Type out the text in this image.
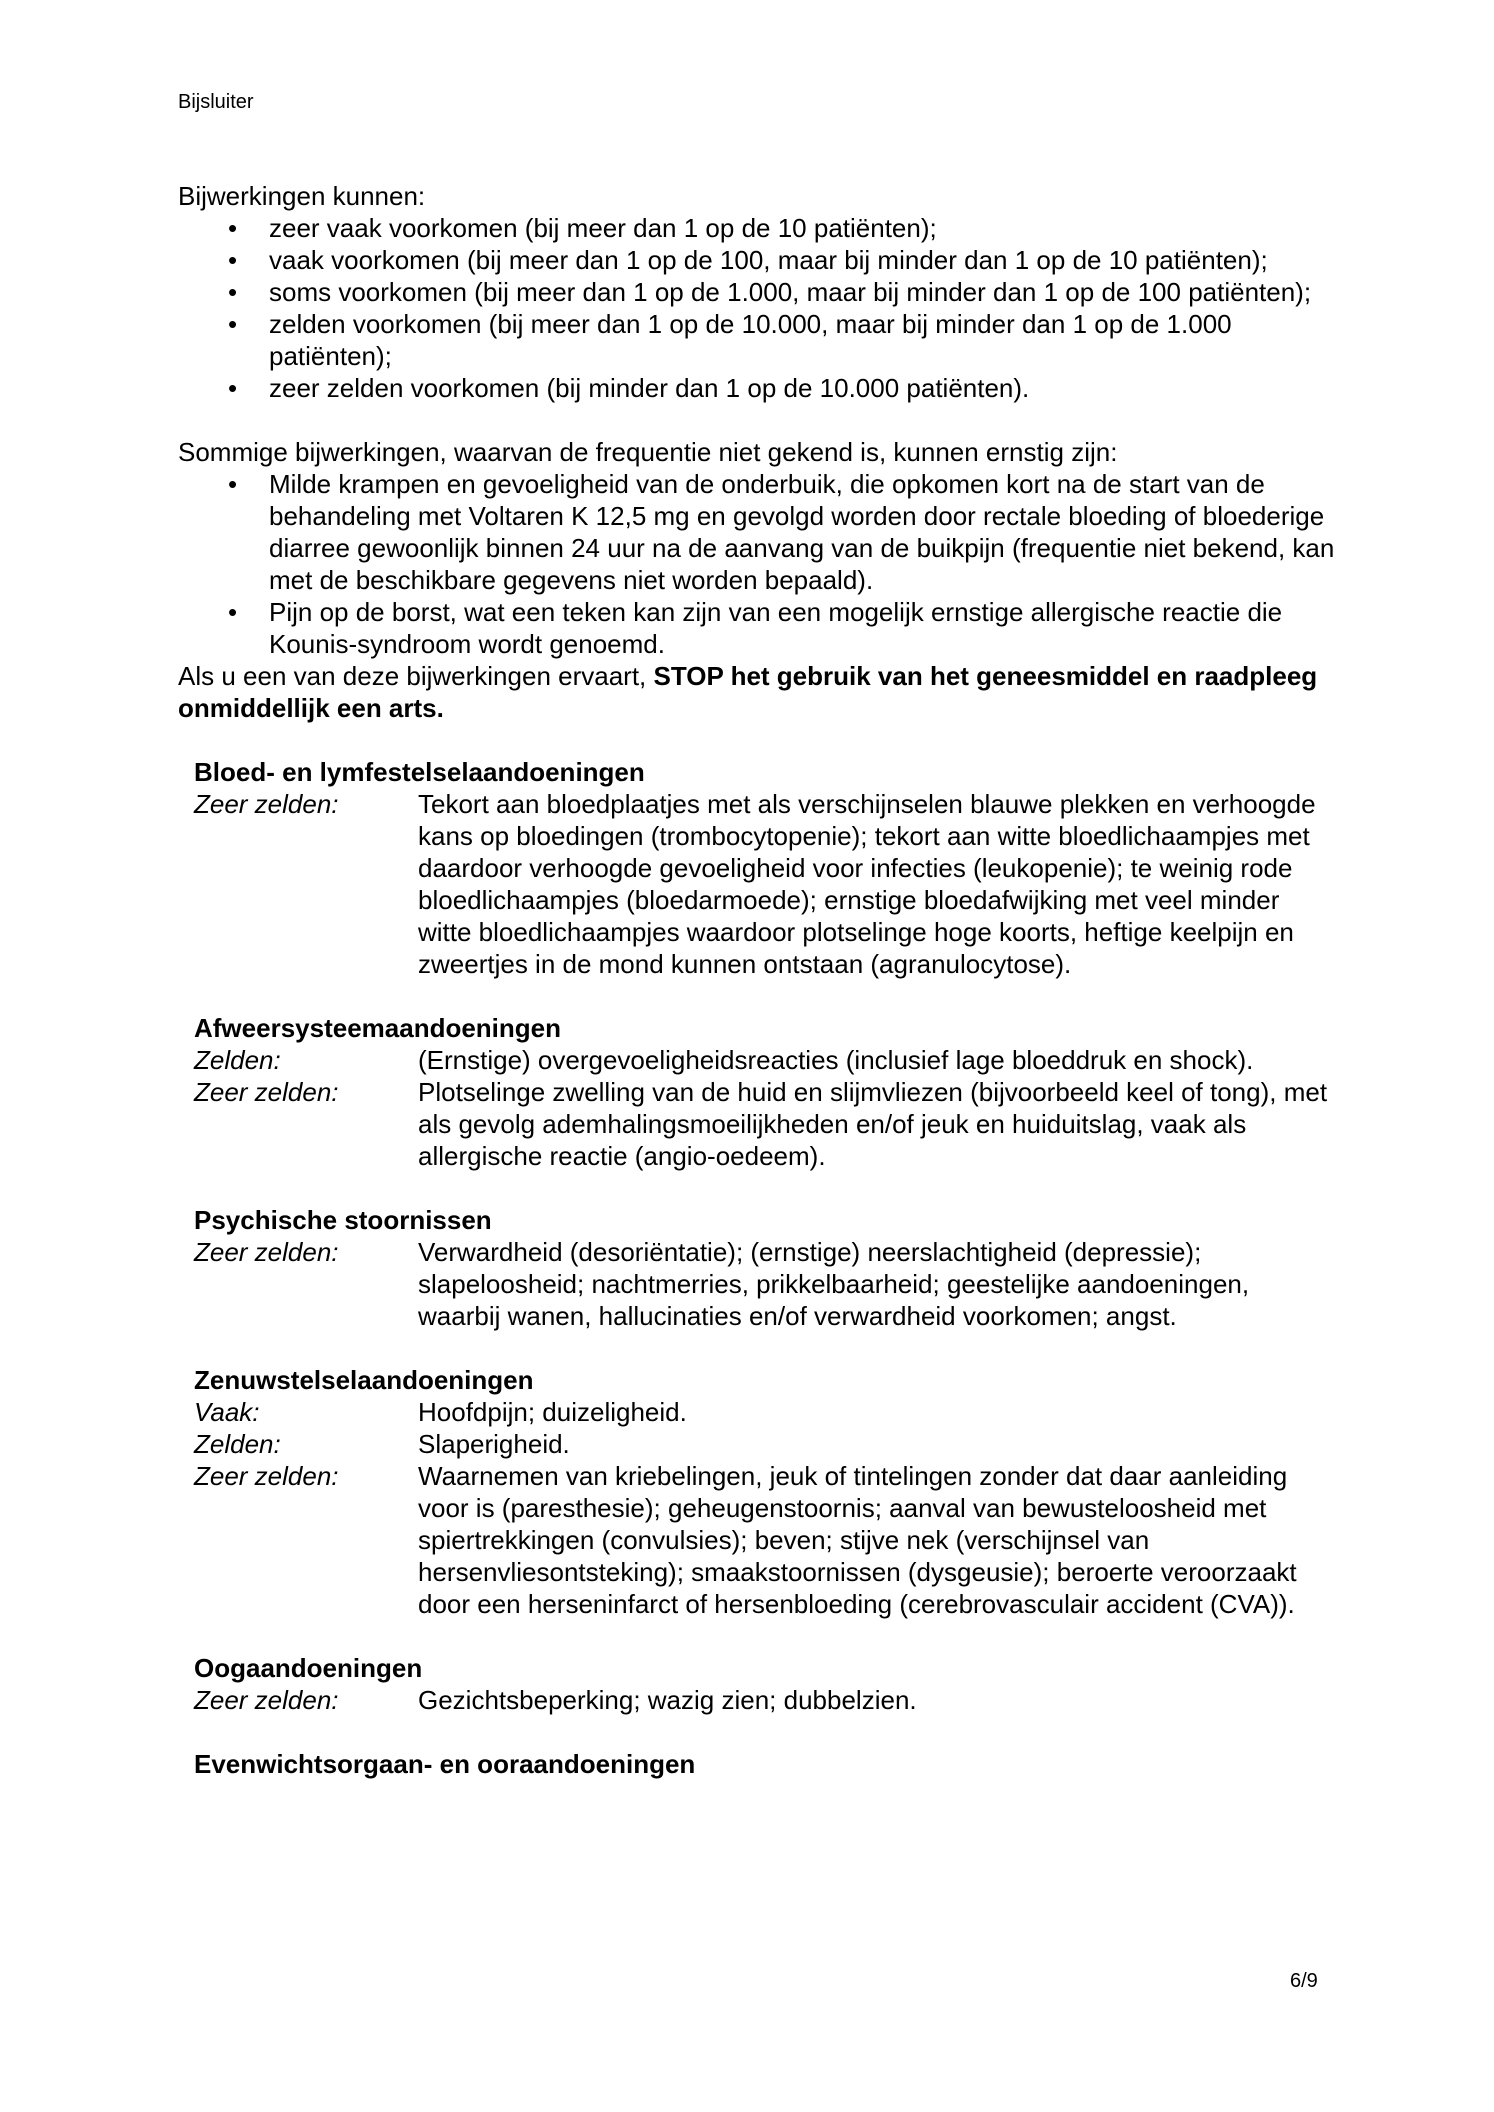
Bijsluiter

Bijwerkingen kunnen:

• zeer vaak voorkomen (bij meer dan 1 op de 10 patiënten);
• vaak voorkomen (bij meer dan 1 op de 100, maar bij minder dan 1 op de 10 patiënten);
• soms voorkomen (bij meer dan 1 op de 1.000, maar bij minder dan 1 op de 100 patiënten);
• zelden voorkomen (bij meer dan 1 op de 10.000, maar bij minder dan 1 op de 1.000 patiënten);
• zeer zelden voorkomen (bij minder dan 1 op de 10.000 patiënten).

Sommige bijwerkingen, waarvan de frequentie niet gekend is, kunnen ernstig zijn:

• Milde krampen en gevoeligheid van de onderbuik, die opkomen kort na de start van de behandeling met Voltaren K 12,5 mg en gevolgd worden door rectale bloeding of bloederige diarree gewoonlijk binnen 24 uur na de aanvang van de buikpijn (frequentie niet bekend, kan met de beschikbare gegevens niet worden bepaald).
• Pijn op de borst, wat een teken kan zijn van een mogelijk ernstige allergische reactie die Kounis-syndroom wordt genoemd.

Als u een van deze bijwerkingen ervaart, STOP het gebruik van het geneesmiddel en raadpleeg onmiddellijk een arts.

Bloed- en lymfestelselaandoeningen
Zeer zelden:	Tekort aan bloedplaatjes met als verschijnselen blauwe plekken en verhoogde kans op bloedingen (trombocytopenie); tekort aan witte bloedlichaampjes met daardoor verhoogde gevoeligheid voor infecties (leukopenie); te weinig rode bloedlichaampjes (bloedarmoede); ernstige bloedafwijking met veel minder witte bloedlichaampjes waardoor plotselinge hoge koorts, heftige keelpijn en zweertjes in de mond kunnen ontstaan (agranulocytose).
Afweersysteemaandoeningen
Zelden:	(Ernstige) overgevoeligheidsreacties (inclusief lage bloeddruk en shock).
Zeer zelden:	Plotselinge zwelling van de huid en slijmvliezen (bijvoorbeeld keel of tong), met als gevolg ademhalingsmoeilijkheden en/of jeuk en huiduitslag, vaak als allergische reactie (angio-oedeem).
Psychische stoornissen
Zeer zelden:	Verwardheid (desoriëntatie); (ernstige) neerslachtigheid (depressie); slapeloosheid; nachtmerries, prikkelbaarheid; geestelijke aandoeningen, waarbij wanen, hallucinaties en/of verwardheid voorkomen; angst.
Zenuwstelselaandoeningen
Vaak:	Hoofdpijn; duizeligheid.
Zelden:	Slaperigheid.
Zeer zelden:	Waarnemen van kriebelingen, jeuk of tintelingen zonder dat daar aanleiding voor is (paresthesie); geheugenstoornis; aanval van bewusteloosheid met spiertrekkingen (convulsies); beven; stijve nek (verschijnsel van hersenvliesontsteking); smaakstoornissen (dysgeusie); beroerte veroorzaakt door een herseninfarct of hersenbloeding (cerebrovasculair accident (CVA)).
Oogaandoeningen
Zeer zelden:	Gezichtsbeperking; wazig zien; dubbelzien.
Evenwichtsorgaan- en ooraandoeningen
6/9
